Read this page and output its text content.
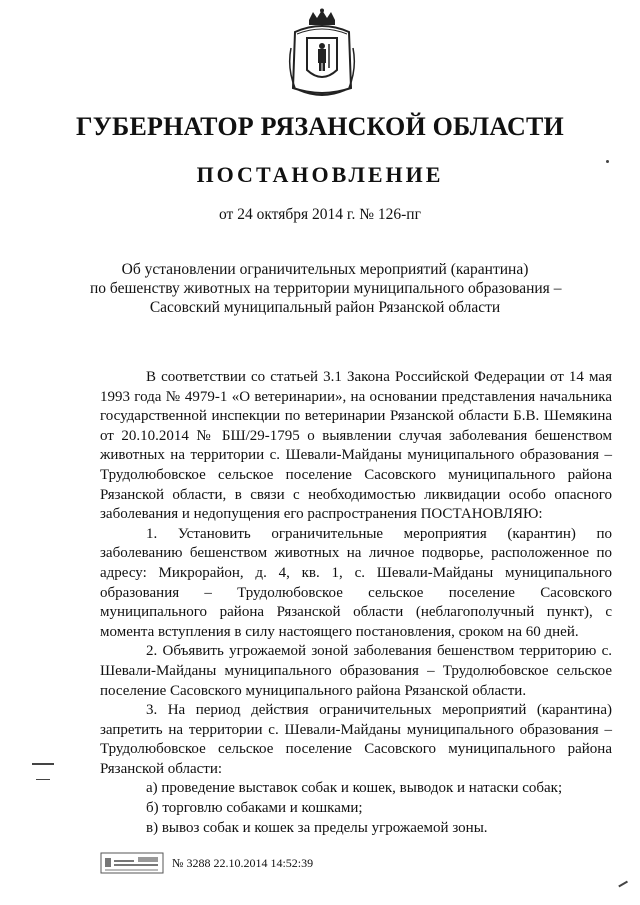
ГУБЕРНАТОР РЯЗАНСКОЙ ОБЛАСТИ
ПОСТАНОВЛЕНИЕ
от 24 октября 2014 г. № 126-пг
Об установлении ограничительных мероприятий (карантина)
по бешенству животных на территории муниципального образования –
Сасовский муниципальный район Рязанской области

В соответствии со статьей 3.1 Закона Российской Федерации от 14 мая 1993 года № 4979-1 «О ветеринарии», на основании представления начальника государственной инспекции по ветеринарии Рязанской области Б.В. Шемякина от 20.10.2014 № БШ/29-1795 о выявлении случая заболевания бешенством животных на территории с. Шевали-Майданы муниципального образования – Трудолюбовское сельское поселение Сасовского муниципального района Рязанской области, в связи с необходимостью ликвидации особо опасного заболевания и недопущения его распространения ПОСТАНОВЛЯЮ:

1. Установить ограничительные мероприятия (карантин) по заболеванию бешенством животных на личное подворье, расположенное по адресу: Микрорайон, д. 4, кв. 1, с. Шевали-Майданы муниципального образования – Трудолюбовское сельское поселение Сасовского муниципального района Рязанской области (неблагополучный пункт), с момента вступления в силу настоящего постановления, сроком на 60 дней.

2. Объявить угрожаемой зоной заболевания бешенством территорию с. Шевали-Майданы муниципального образования – Трудолюбовское сельское поселение Сасовского муниципального района Рязанской области.

3. На период действия ограничительных мероприятий (карантина) запретить на территории с. Шевали-Майданы муниципального образования – Трудолюбовское сельское поселение Сасовского муниципального района Рязанской области:

а) проведение выставок собак и кошек, выводок и натаски собак;

б) торговлю собаками и кошками;

в) вывоз собак и кошек за пределы угрожаемой зоны.

№ 3288 22.10.2014 14:52:39
